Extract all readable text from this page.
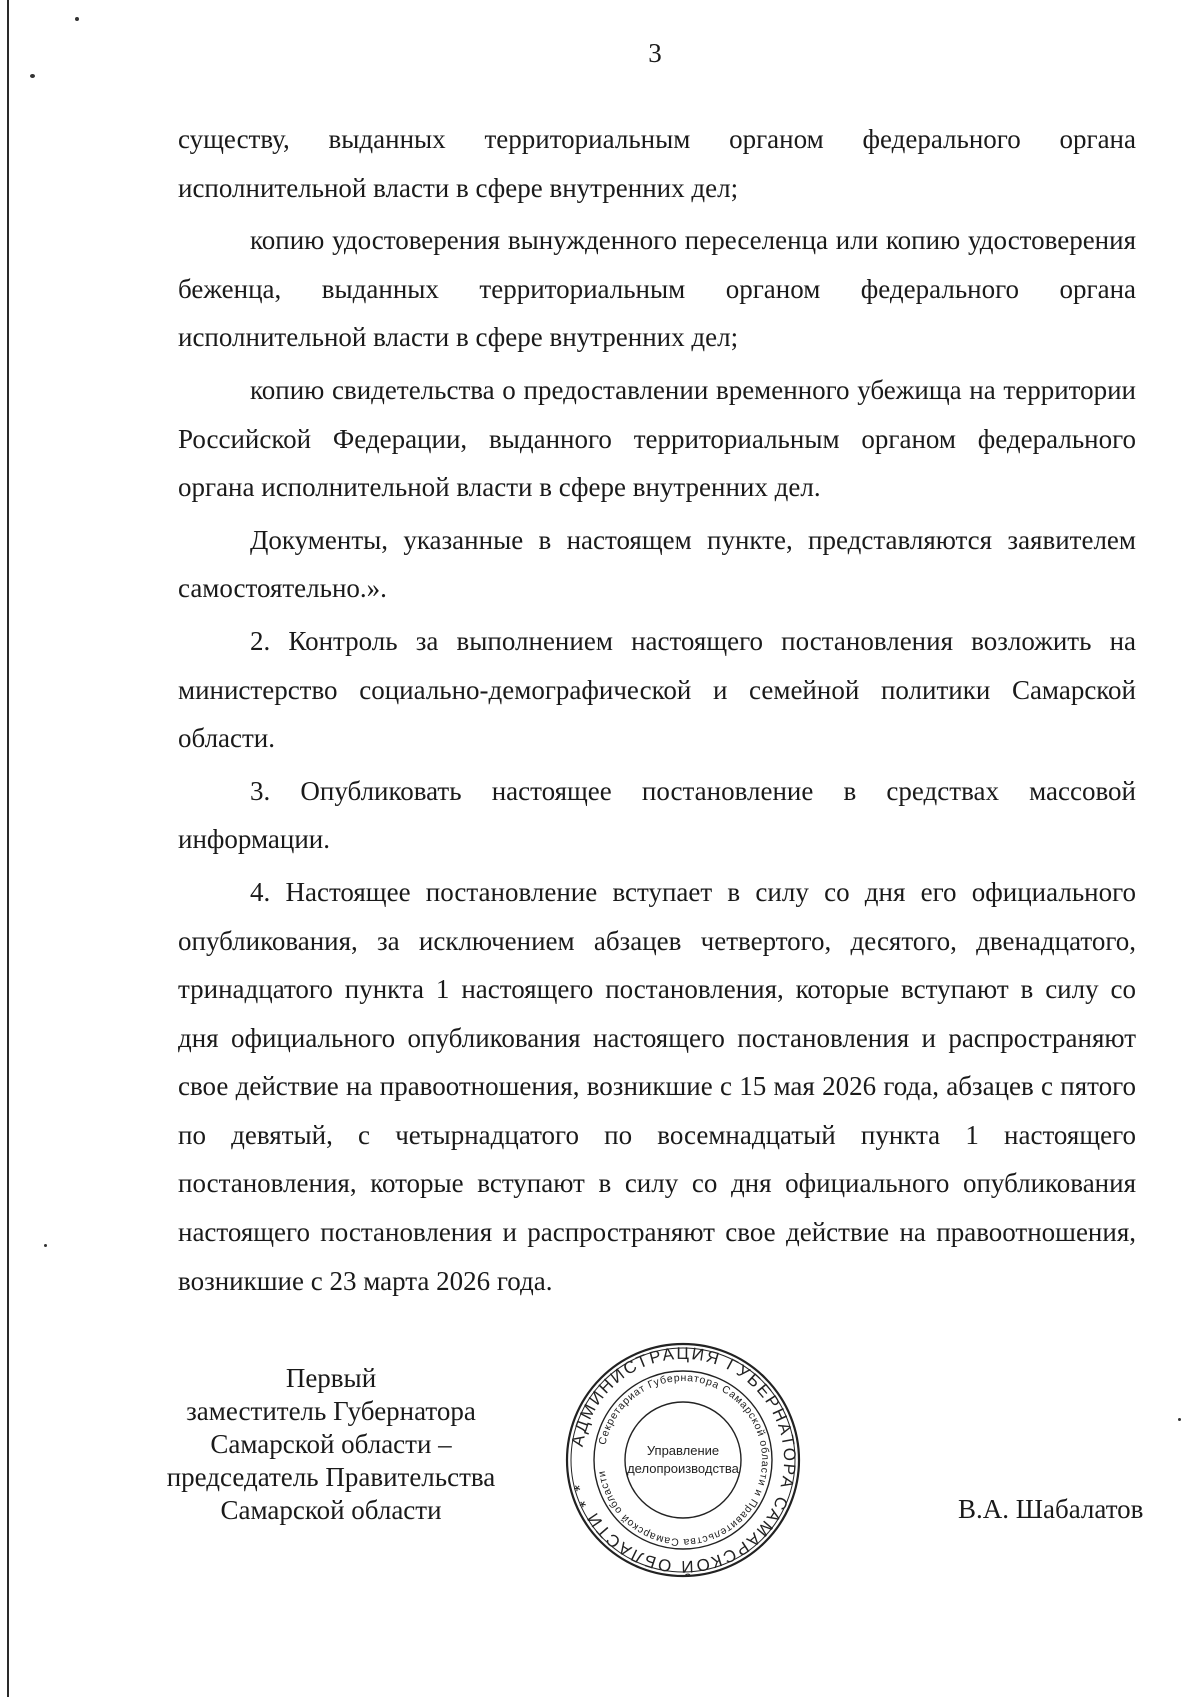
3

существу, выданных территориальным органом федерального органа исполнительной власти в сфере внутренних дел;

копию удостоверения вынужденного переселенца или копию удостоверения беженца, выданных территориальным органом федерального органа исполнительной власти в сфере внутренних дел;

копию свидетельства о предоставлении временного убежища на территории Российской Федерации, выданного территориальным органом федерального органа исполнительной власти в сфере внутренних дел.

Документы, указанные в настоящем пункте, представляются заявителем самостоятельно.».

2. Контроль за выполнением настоящего постановления возложить на министерство социально-демографической и семейной политики Самарской области.

3. Опубликовать настоящее постановление в средствах массовой информации.

4. Настоящее постановление вступает в силу со дня его официального опубликования, за исключением абзацев четвертого, десятого, двенадцатого, тринадцатого пункта 1 настоящего постановления, которые вступают в силу со дня официального опубликования настоящего постановления и распространяют свое действие на правоотношения, возникшие с 15 мая 2026 года, абзацев с пятого по девятый, с четырнадцатого по восемнадцатый пункта 1 настоящего постановления, которые вступают в силу со дня официального опубликования настоящего постановления и распространяют свое действие на правоотношения, возникшие с 23 марта 2026 года.

Первый
заместитель Губернатора
Самарской области –
председатель Правительства
Самарской области
АДМИНИСТРАЦИЯ ГУБЕРНАТОРА САМАРСКОЙ ОБЛАСТИ * *
Секретариат Губернатора Самарской области и Правительства Самарской области
Управление
делопроизводства
В.А. Шабалатов
